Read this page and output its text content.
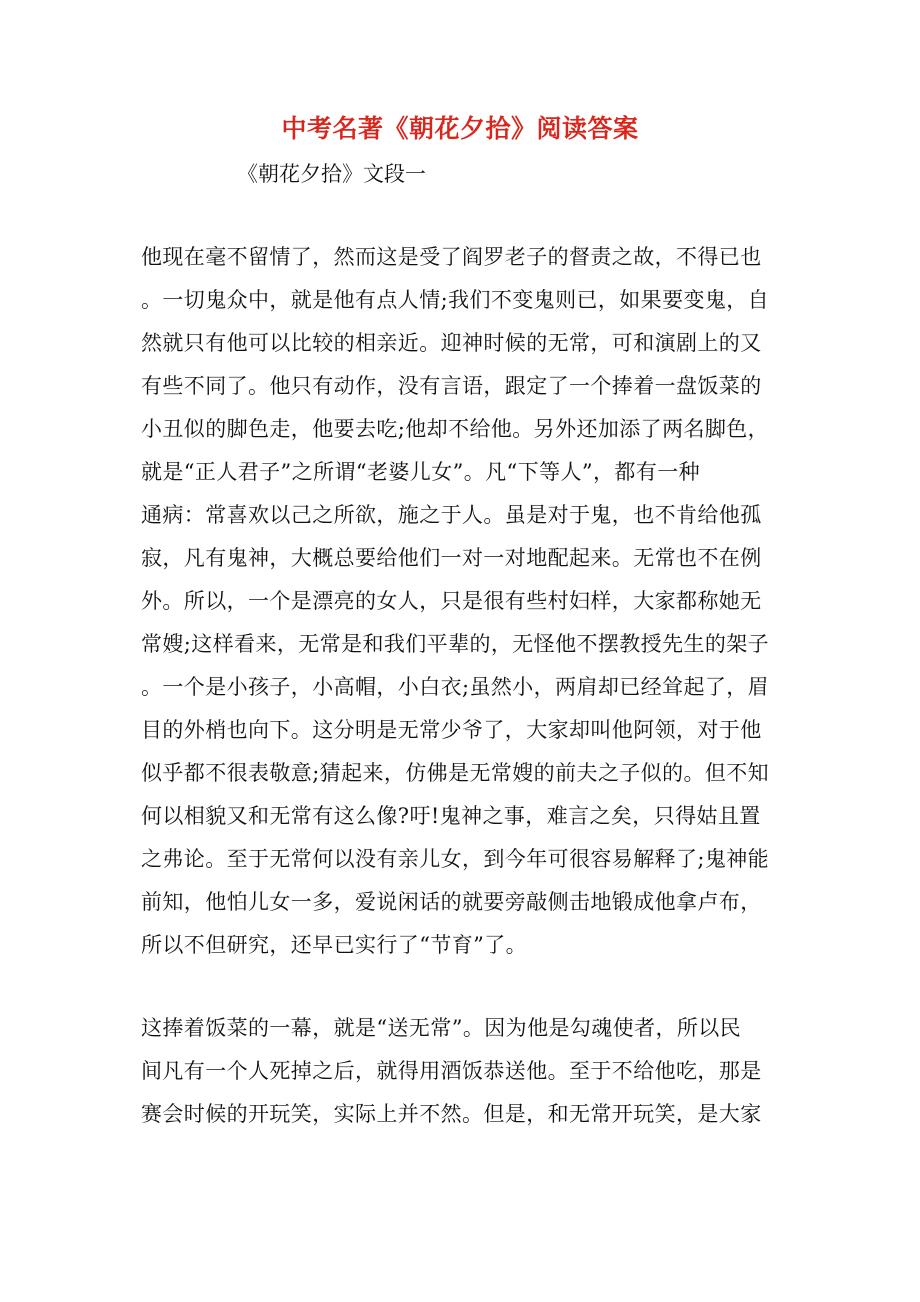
中考名著《朝花夕拾》阅读答案
《朝花夕拾》文段一
他现在毫不留情了，然而这是受了阎罗老子的督责之故，不得已也
。一切鬼众中，就是他有点人情;我们不变鬼则已，如果要变鬼，自
然就只有他可以比较的相亲近。迎神时候的无常，可和演剧上的又
有些不同了。他只有动作，没有言语，跟定了一个捧着一盘饭菜的
小丑似的脚色走，他要去吃;他却不给他。另外还加添了两名脚色，
就是“正人君子”之所谓“老婆儿女”。凡“下等人”，都有一种
通病：常喜欢以己之所欲，施之于人。虽是对于鬼，也不肯给他孤
寂，凡有鬼神，大概总要给他们一对一对地配起来。无常也不在例
外。所以，一个是漂亮的女人，只是很有些村妇样，大家都称她无
常嫂;这样看来，无常是和我们平辈的，无怪他不摆教授先生的架子
。一个是小孩子，小高帽，小白衣;虽然小，两肩却已经耸起了，眉
目的外梢也向下。这分明是无常少爷了，大家却叫他阿领，对于他
似乎都不很表敬意;猜起来，仿佛是无常嫂的前夫之子似的。但不知
何以相貌又和无常有这么像?吁!鬼神之事，难言之矣，只得姑且置
之弗论。至于无常何以没有亲儿女，到今年可很容易解释了;鬼神能
前知，他怕儿女一多，爱说闲话的就要旁敲侧击地锻成他拿卢布，
所以不但研究，还早已实行了“节育”了。
这捧着饭菜的一幕，就是“送无常”。因为他是勾魂使者，所以民
间凡有一个人死掉之后，就得用酒饭恭送他。至于不给他吃，那是
赛会时候的开玩笑，实际上并不然。但是，和无常开玩笑，是大家
